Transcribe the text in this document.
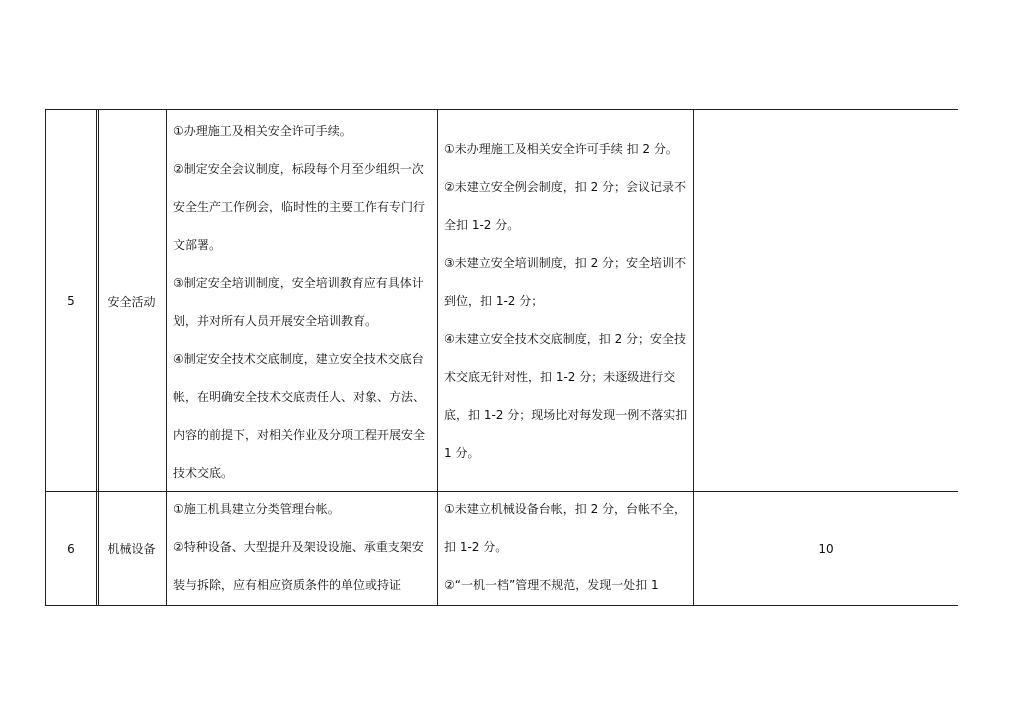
5	安全活动

①办理施工及相关安全许可手续。

②制定安全会议制度，标段每个月至少组织一次安全生产工作例会，临时性的主要工作有专门行文部署。

③制定安全培训制度，安全培训教育应有具体计划，并对所有人员开展安全培训教育。

④制定安全技术交底制度，建立安全技术交底台帐，在明确安全技术交底责任人、对象、方法、内容的前提下，对相关作业及分项工程开展安全技术交底。

①未办理施工及相关安全许可手续 扣 2 分。

②未建立安全例会制度，扣 2 分；会议记录不全扣 1-2 分。

③未建立安全培训制度，扣 2 分；安全培训不到位，扣 1-2 分；

④未建立安全技术交底制度，扣 2 分；安全技术交底无针对性，扣 1-2 分；未逐级进行交底，扣 1-2 分；现场比对每发现一例不落实扣 1 分。

6	机械设备

①施工机具建立分类管理台帐。

②特种设备、大型提升及架设设施、承重支架安装与拆除，应有相应资质条件的单位或持证

①未建立机械设备台帐，扣 2 分，台帐不全，扣 1-2 分。

②“一机一档”管理不规范，发现一处扣 1

10
